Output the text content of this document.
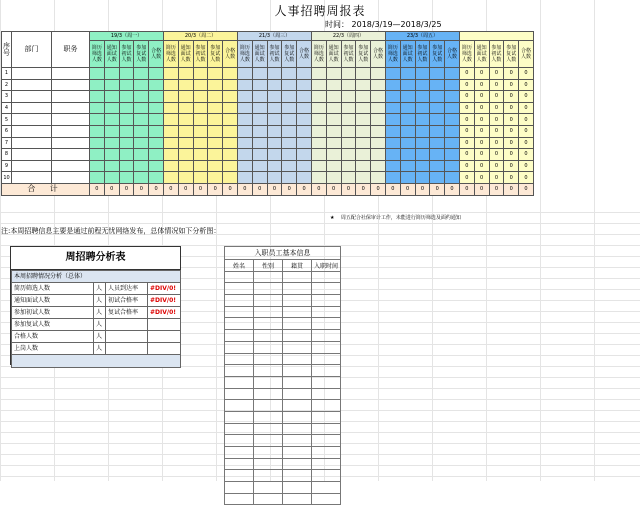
人事招聘周报表
时间： 2018/3/19—2018/3/25
序号	部门	职务	19/3（周一）					20/3（周二）					21/3（周三）					22/3（周四）					23/3（周五）									
			简历筛选人数	通知面试人数	参加初试人数	参加复试人数	合格人数	简历筛选人数	通知面试人数	参加初试人数	参加复试人数	合格人数	简历筛选人数	通知面试人数	参加初试人数	参加复试人数	合格人数	简历筛选人数	通知面试人数	参加初试人数	参加复试人数	合格人数	简历筛选人数	通知面试人数	参加初试人数	参加复试人数	合格人数	简历筛选人数	通知面试人数	参加初试人数	参加复试人数	合格人数
1																												0	0	0	0	0
2																												0	0	0	0	0
3																												0	0	0	0	0
4																												0	0	0	0	0
5																												0	0	0	0	0
6																												0	0	0	0	0
7																												0	0	0	0	0
8																												0	0	0	0	0
9																												0	0	0	0	0
10																												0	0	0	0	0
合 计			0	0	0	0	0	0	0	0	0	0	0	0	0	0	0	0	0	0	0	0	0	0	0	0	0	0	0	0	0	0
★ 周五配合社保审计工作，未能进行简历筛选及面约通知
注:本周招聘信息主要是通过前程无忧网络发布，总体情况如下分析图：
周招聘分析表
本周招聘情况分析（总体）			
简历筛选人数	人	人员到达率	#DIV/0!
通知面试人数	人	初试合格率	#DIV/0!
参加初试人数	人	复试合格率	#DIV/0!
参加复试人数	人		
合格人数	人		
上岗人数	人		

入职员工基本信息			
姓名	性别	籍贯	入职时间
